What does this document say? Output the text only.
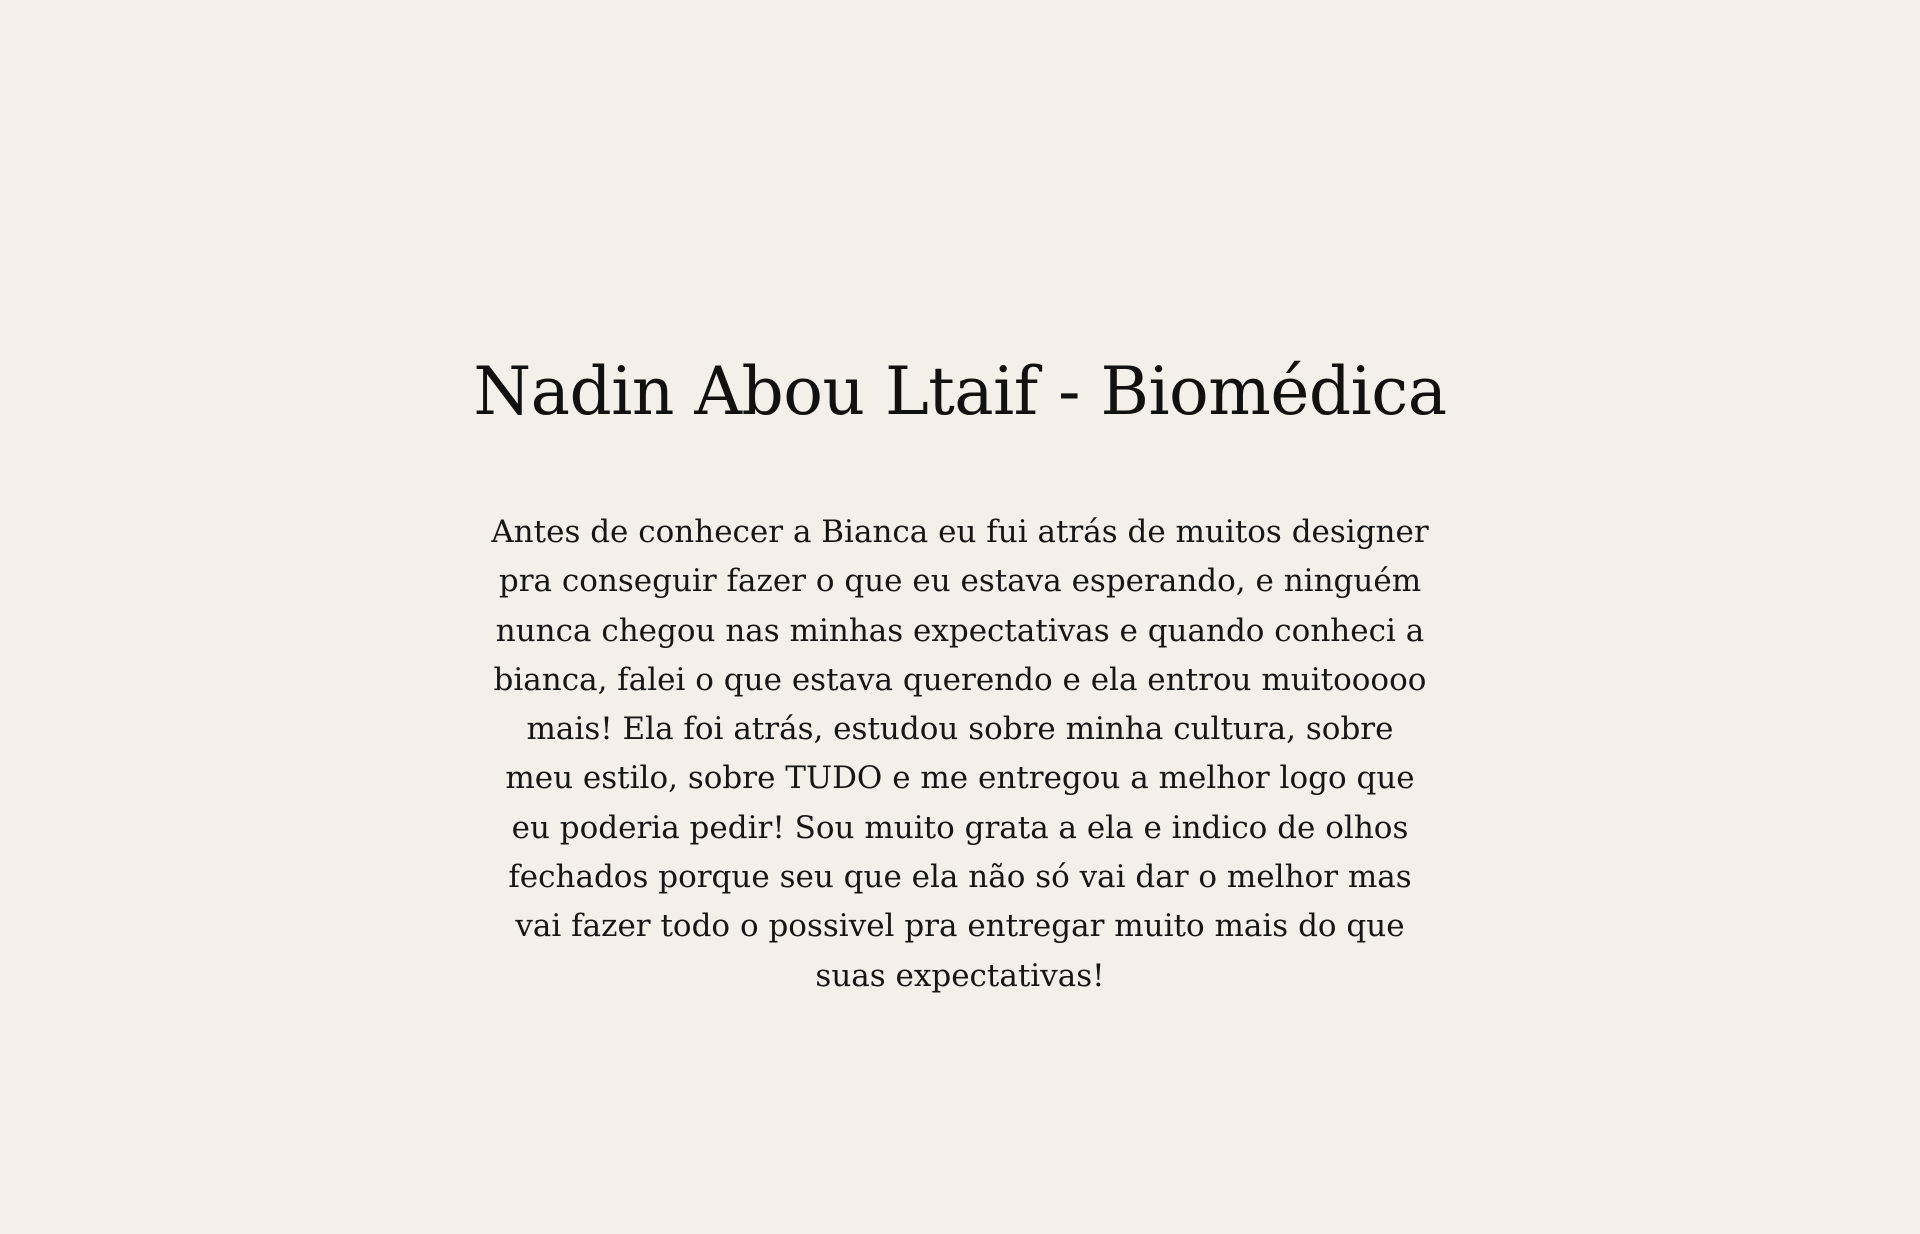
Nadin Abou Ltaif - Biomédica

Antes de conhecer a Bianca eu fui atrás de muitos designer
pra conseguir fazer o que eu estava esperando, e ninguém
nunca chegou nas minhas expectativas e quando conheci a
bianca, falei o que estava querendo e ela entrou muitooooo
mais! Ela foi atrás, estudou sobre minha cultura, sobre
meu estilo, sobre TUDO e me entregou a melhor logo que
eu poderia pedir! Sou muito grata a ela e indico de olhos
fechados porque seu que ela não só vai dar o melhor mas
vai fazer todo o possivel pra entregar muito mais do que
suas expectativas!
